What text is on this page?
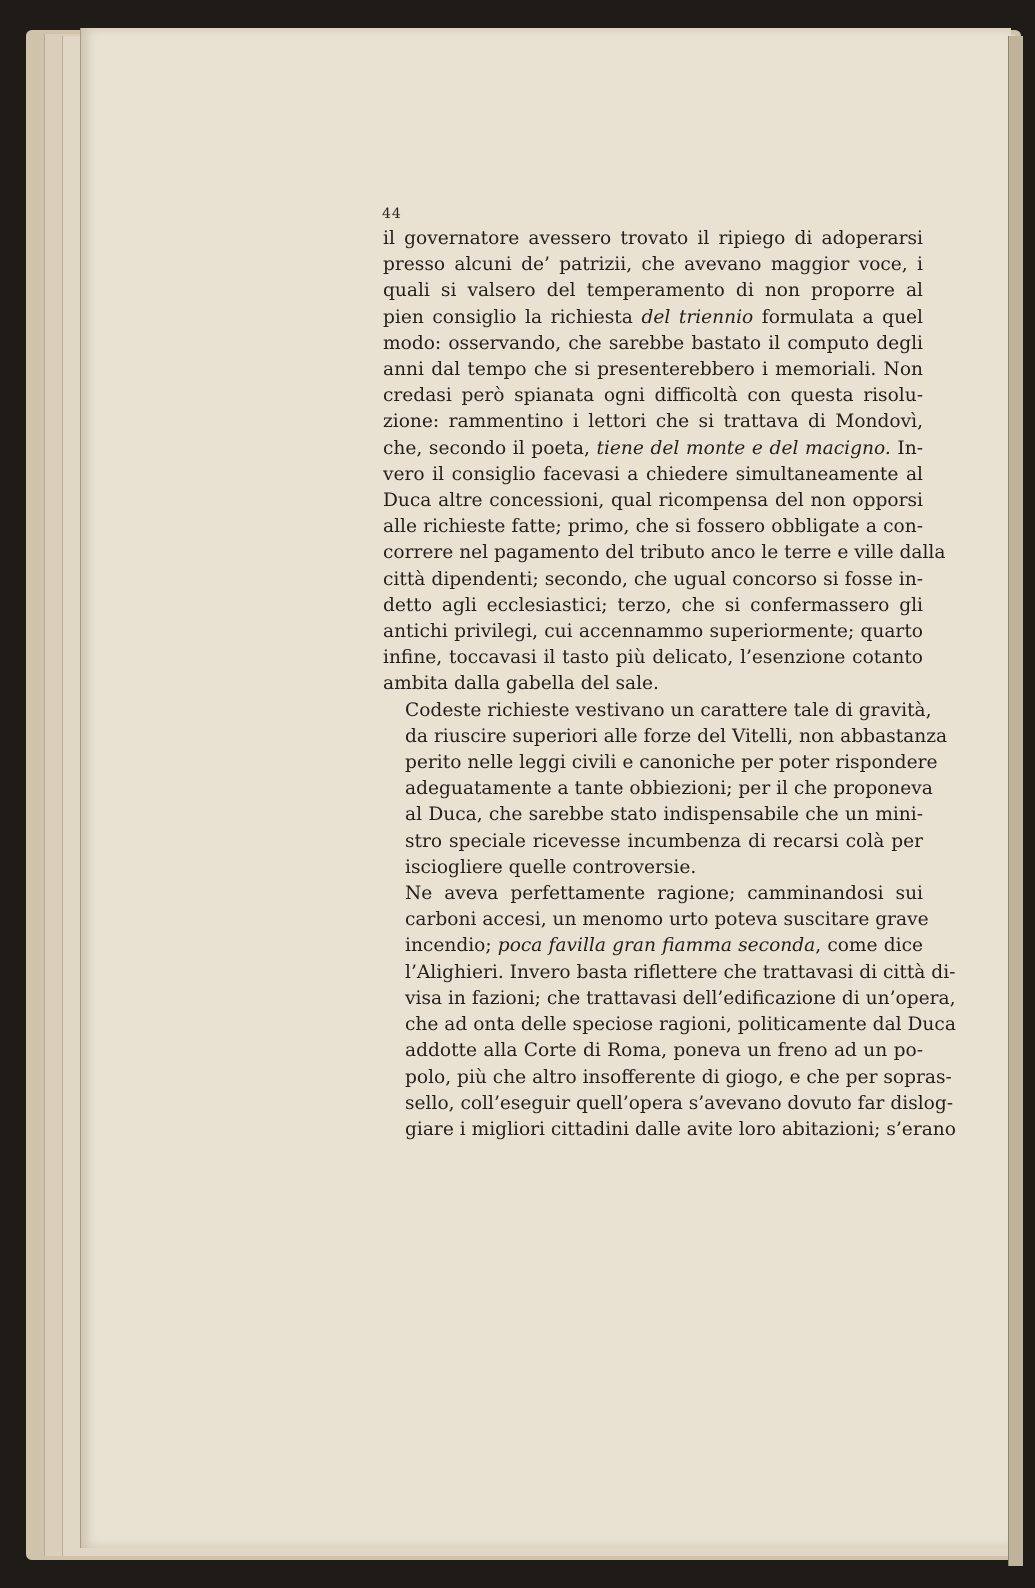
44

il governatore avessero trovato il ripiego di adoperarsi
presso alcuni de’ patrizii, che avevano maggior voce, i
quali si valsero del temperamento di non proporre al
pien consiglio la richiesta del triennio formulata a quel
modo: osservando, che sarebbe bastato il computo degli
anni dal tempo che si presenterebbero i memoriali. Non
credasi però spianata ogni difficoltà con questa risolu-
zione: rammentino i lettori che si trattava di Mondovì,
che, secondo il poeta, tiene del monte e del macigno. In-
vero il consiglio facevasi a chiedere simultaneamente al
Duca altre concessioni, qual ricompensa del non opporsi
alle richieste fatte; primo, che si fossero obbligate a con-
correre nel pagamento del tributo anco le terre e ville dalla
città dipendenti; secondo, che ugual concorso si fosse in-
detto agli ecclesiastici; terzo, che si confermassero gli
antichi privilegi, cui accennammo superiormente; quarto
infine, toccavasi il tasto più delicato, l’esenzione cotanto
ambita dalla gabella del sale.

Codeste richieste vestivano un carattere tale di gravità,
da riuscire superiori alle forze del Vitelli, non abbastanza
perito nelle leggi civili e canoniche per poter rispondere
adeguatamente a tante obbiezioni; per il che proponeva
al Duca, che sarebbe stato indispensabile che un mini-
stro speciale ricevesse incumbenza di recarsi colà per
iscioglierе quelle controversie.

Ne aveva perfettamente ragione; camminandosi sui
carboni accesi, un menomo urto poteva suscitare grave
incendio; poca favilla gran fiamma seconda, come dice
l’Alighieri. Invero basta riflettere che trattavasi di città di-
visa in fazioni; che trattavasi dell’edificazione di un’opera,
che ad onta delle speciose ragioni, politicamente dal Duca
addotte alla Corte di Roma, poneva un freno ad un po-
polo, più che altro insofferente di giogo, e che per sopras-
sello, coll’eseguir quell’opera s’avevano dovuto far dislog-
giare i migliori cittadini dalle avite loro abitazioni; s’erano
